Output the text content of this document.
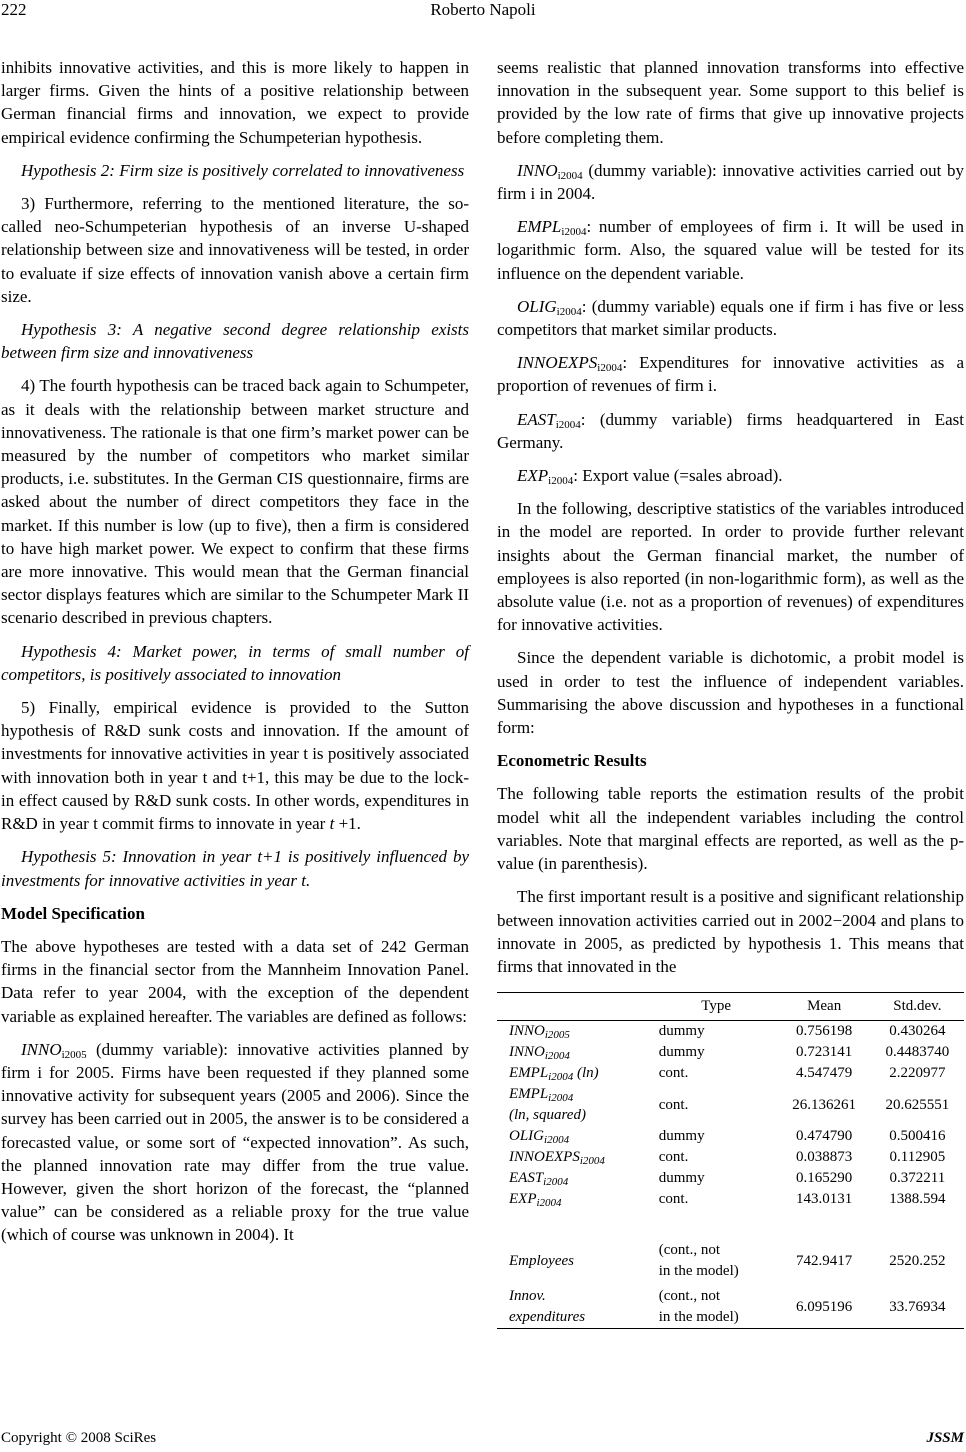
222	Roberto Napoli

inhibits innovative activities, and this is more likely to happen in larger firms. Given the hints of a positive relationship between German financial firms and innovation, we expect to provide empirical evidence confirming the Schumpeterian hypothesis.

Hypothesis 2: Firm size is positively correlated to innovativeness

3) Furthermore, referring to the mentioned literature, the so-called neo-Schumpeterian hypothesis of an inverse U-shaped relationship between size and innovativeness will be tested, in order to evaluate if size effects of innovation vanish above a certain firm size.

Hypothesis 3: A negative second degree relationship exists between firm size and innovativeness

4) The fourth hypothesis can be traced back again to Schumpeter, as it deals with the relationship between market structure and innovativeness. The rationale is that one firm’s market power can be measured by the number of competitors who market similar products, i.e. substitutes. In the German CIS questionnaire, firms are asked about the number of direct competitors they face in the market. If this number is low (up to five), then a firm is considered to have high market power. We expect to confirm that these firms are more innovative. This would mean that the German financial sector displays features which are similar to the Schumpeter Mark II scenario described in previous chapters.

Hypothesis 4: Market power, in terms of small number of competitors, is positively associated to innovation

5) Finally, empirical evidence is provided to the Sutton hypothesis of R&D sunk costs and innovation. If the amount of investments for innovative activities in year t is positively associated with innovation both in year t and t+1, this may be due to the lock-in effect caused by R&D sunk costs. In other words, expenditures in R&D in year t commit firms to innovate in year t +1.

Hypothesis 5: Innovation in year t+1 is positively influenced by investments for innovative activities in year t.

Model Specification

The above hypotheses are tested with a data set of 242 German firms in the financial sector from the Mannheim Innovation Panel. Data refer to year 2004, with the exception of the dependent variable as explained hereafter. The variables are defined as follows:

$INNO_{i2005}$ (dummy variable): innovative activities planned by firm i for 2005. Firms have been requested if they planned some innovative activity for subsequent years (2005 and 2006). Since the survey has been carried out in 2005, the answer is to be considered a forecasted value, or some sort of “expected innovation”. As such, the planned innovation rate may differ from the true value. However, given the short horizon of the forecast, the “planned value” can be considered as a reliable proxy for the true value (which of course was unknown in 2004). It

seems realistic that planned innovation transforms into effective innovation in the subsequent year. Some support to this belief is provided by the low rate of firms that give up innovative projects before completing them.

$INNO_{i2004}$ (dummy variable): innovative activities carried out by firm i in 2004.

$EMPL_{i2004}$: number of employees of firm i. It will be used in logarithmic form. Also, the squared value will be tested for its influence on the dependent variable.

$OLIG_{i2004}$: (dummy variable) equals one if firm i has five or less competitors that market similar products.

$INNOEXPS_{i2004}$: Expenditures for innovative activities as a proportion of revenues of firm i.

$EAST_{i2004}$: (dummy variable) firms headquartered in East Germany.

$EXP_{i2004}$: Export value (=sales abroad).

In the following, descriptive statistics of the variables introduced in the model are reported. In order to provide further relevant insights about the German financial market, the number of employees is also reported (in non-logarithmic form), as well as the absolute value (i.e. not as a proportion of revenues) of expenditures for innovative activities.

Since the dependent variable is dichotomic, a probit model is used in order to test the influence of independent variables. Summarising the above discussion and hypotheses in a functional form:

Econometric Results

The following table reports the estimation results of the probit model whit all the independent variables including the control variables. Note that marginal effects are reported, as well as the p-value (in parenthesis).

The first important result is a positive and significant relationship between innovation activities carried out in 2002−2004 and plans to innovate in 2005, as predicted by hypothesis 1. This means that firms that innovated in the

	Type	Mean	Std.dev.
$INNO_{i2005}$	dummy	0.756198	0.430264
$INNO_{i2004}$	dummy	0.723141	0.4483740
$EMPL_{i2004}$ (ln)	cont.	4.547479	2.220977
$EMPL_{i2004}$
(ln, squared)	cont.	26.136261	20.625551
$OLIG_{i2004}$	dummy	0.474790	0.500416
$INNOEXPS_{i2004}$	cont.	0.038873	0.112905
$EAST_{i2004}$	dummy	0.165290	0.372211
$EXP_{i2004}$	cont.	143.0131	1388.594
Employees	(cont., not
in the model)	742.9417	2520.252
Innov.
expenditures	(cont., not
in the model)	6.095196	33.76934
Copyright © 2008 SciRes	JSSM
